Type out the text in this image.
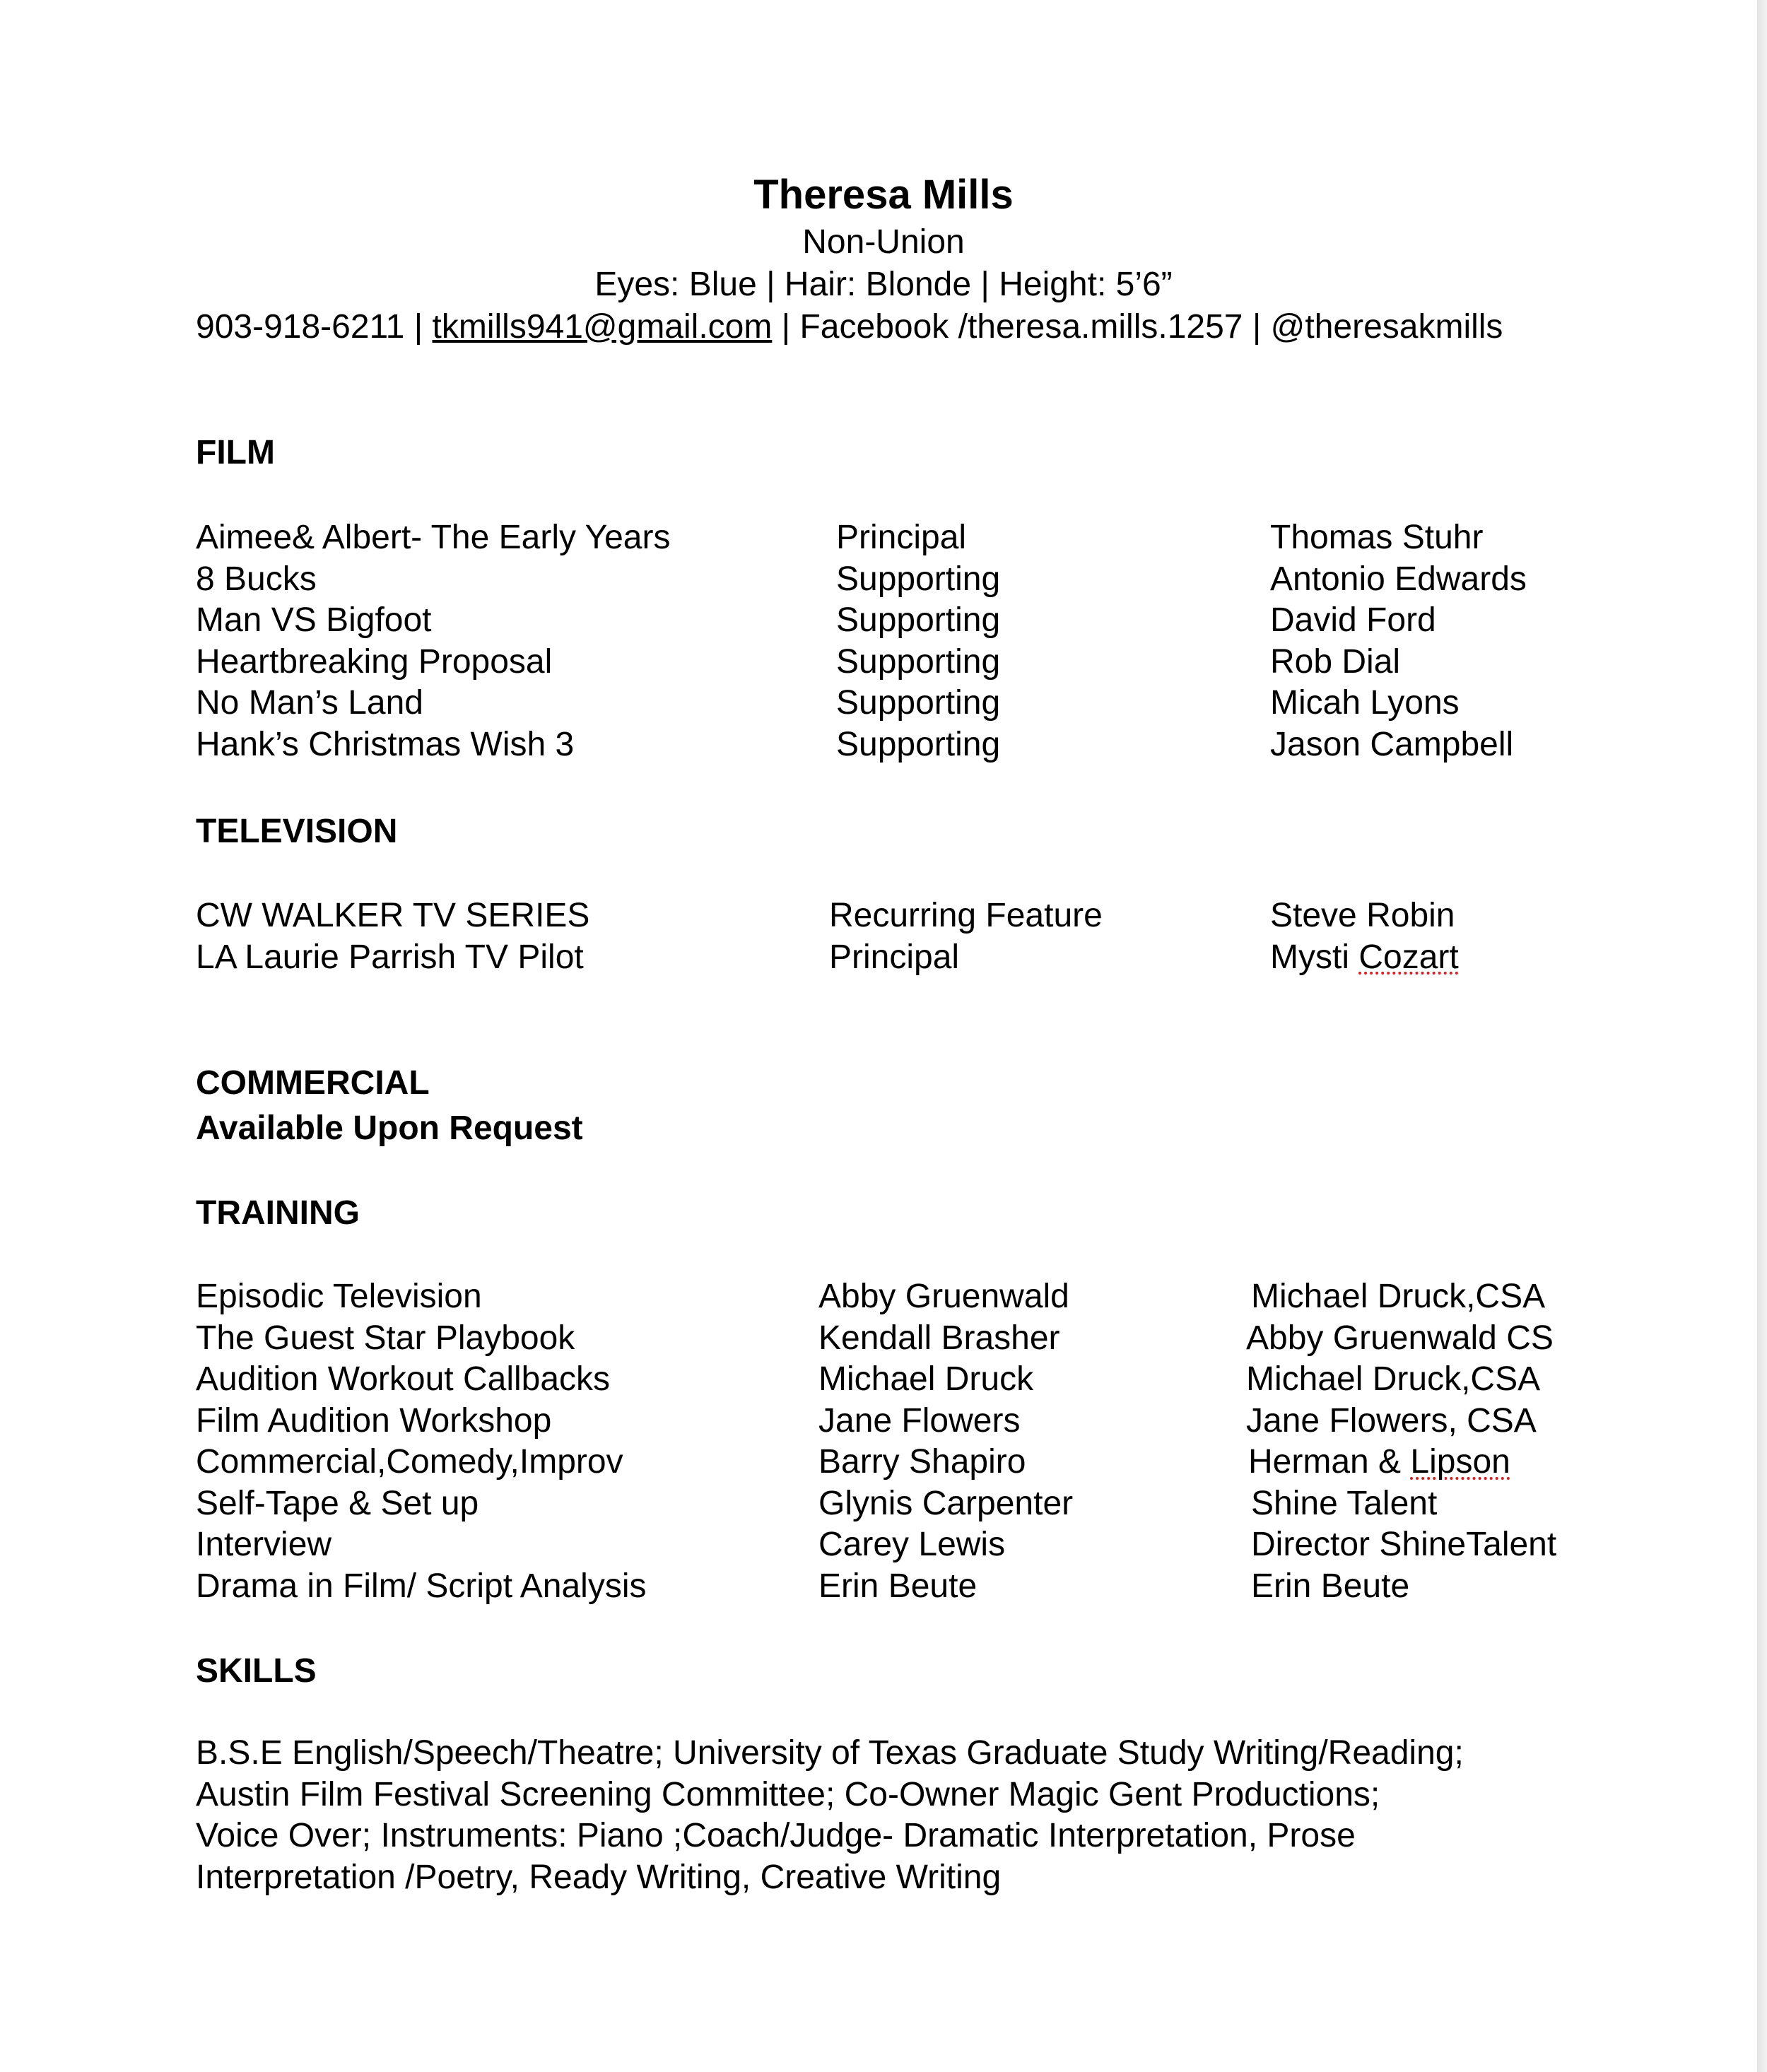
Theresa Mills
Non-Union
Eyes: Blue | Hair: Blonde | Height: 5’6”
903-918-6211 | tkmills941@gmail.com | Facebook /theresa.mills.1257 | @theresakmills
FILM
Aimee& Albert- The Early Years	Principal	Thomas Stuhr
8 Bucks	Supporting	Antonio Edwards
Man VS Bigfoot	Supporting	David Ford
Heartbreaking Proposal	Supporting	Rob Dial
No Man’s Land	Supporting	Micah Lyons
Hank’s Christmas Wish 3	Supporting	Jason Campbell
TELEVISION
CW WALKER TV SERIES	Recurring Feature	Steve Robin
LA Laurie Parrish TV Pilot	Principal	Mysti Cozart
COMMERCIAL
Available Upon Request
TRAINING
Episodic Television	Abby Gruenwald	Michael Druck,CSA
The Guest Star Playbook	Kendall Brasher	Abby Gruenwald CS
Audition Workout Callbacks	Michael Druck	Michael Druck,CSA
Film Audition Workshop	Jane Flowers	Jane Flowers, CSA
Commercial,Comedy,Improv	Barry Shapiro	Herman & Lipson
Self-Tape & Set up	Glynis Carpenter	Shine Talent
Interview	Carey Lewis	Director ShineTalent
Drama in Film/ Script Analysis	Erin Beute	Erin Beute
SKILLS
B.S.E English/Speech/Theatre; University of Texas Graduate Study Writing/Reading;
Austin Film Festival Screening Committee; Co-Owner Magic Gent Productions;
Voice Over; Instruments: Piano ;Coach/Judge- Dramatic Interpretation, Prose
Interpretation /Poetry, Ready Writing, Creative Writing
